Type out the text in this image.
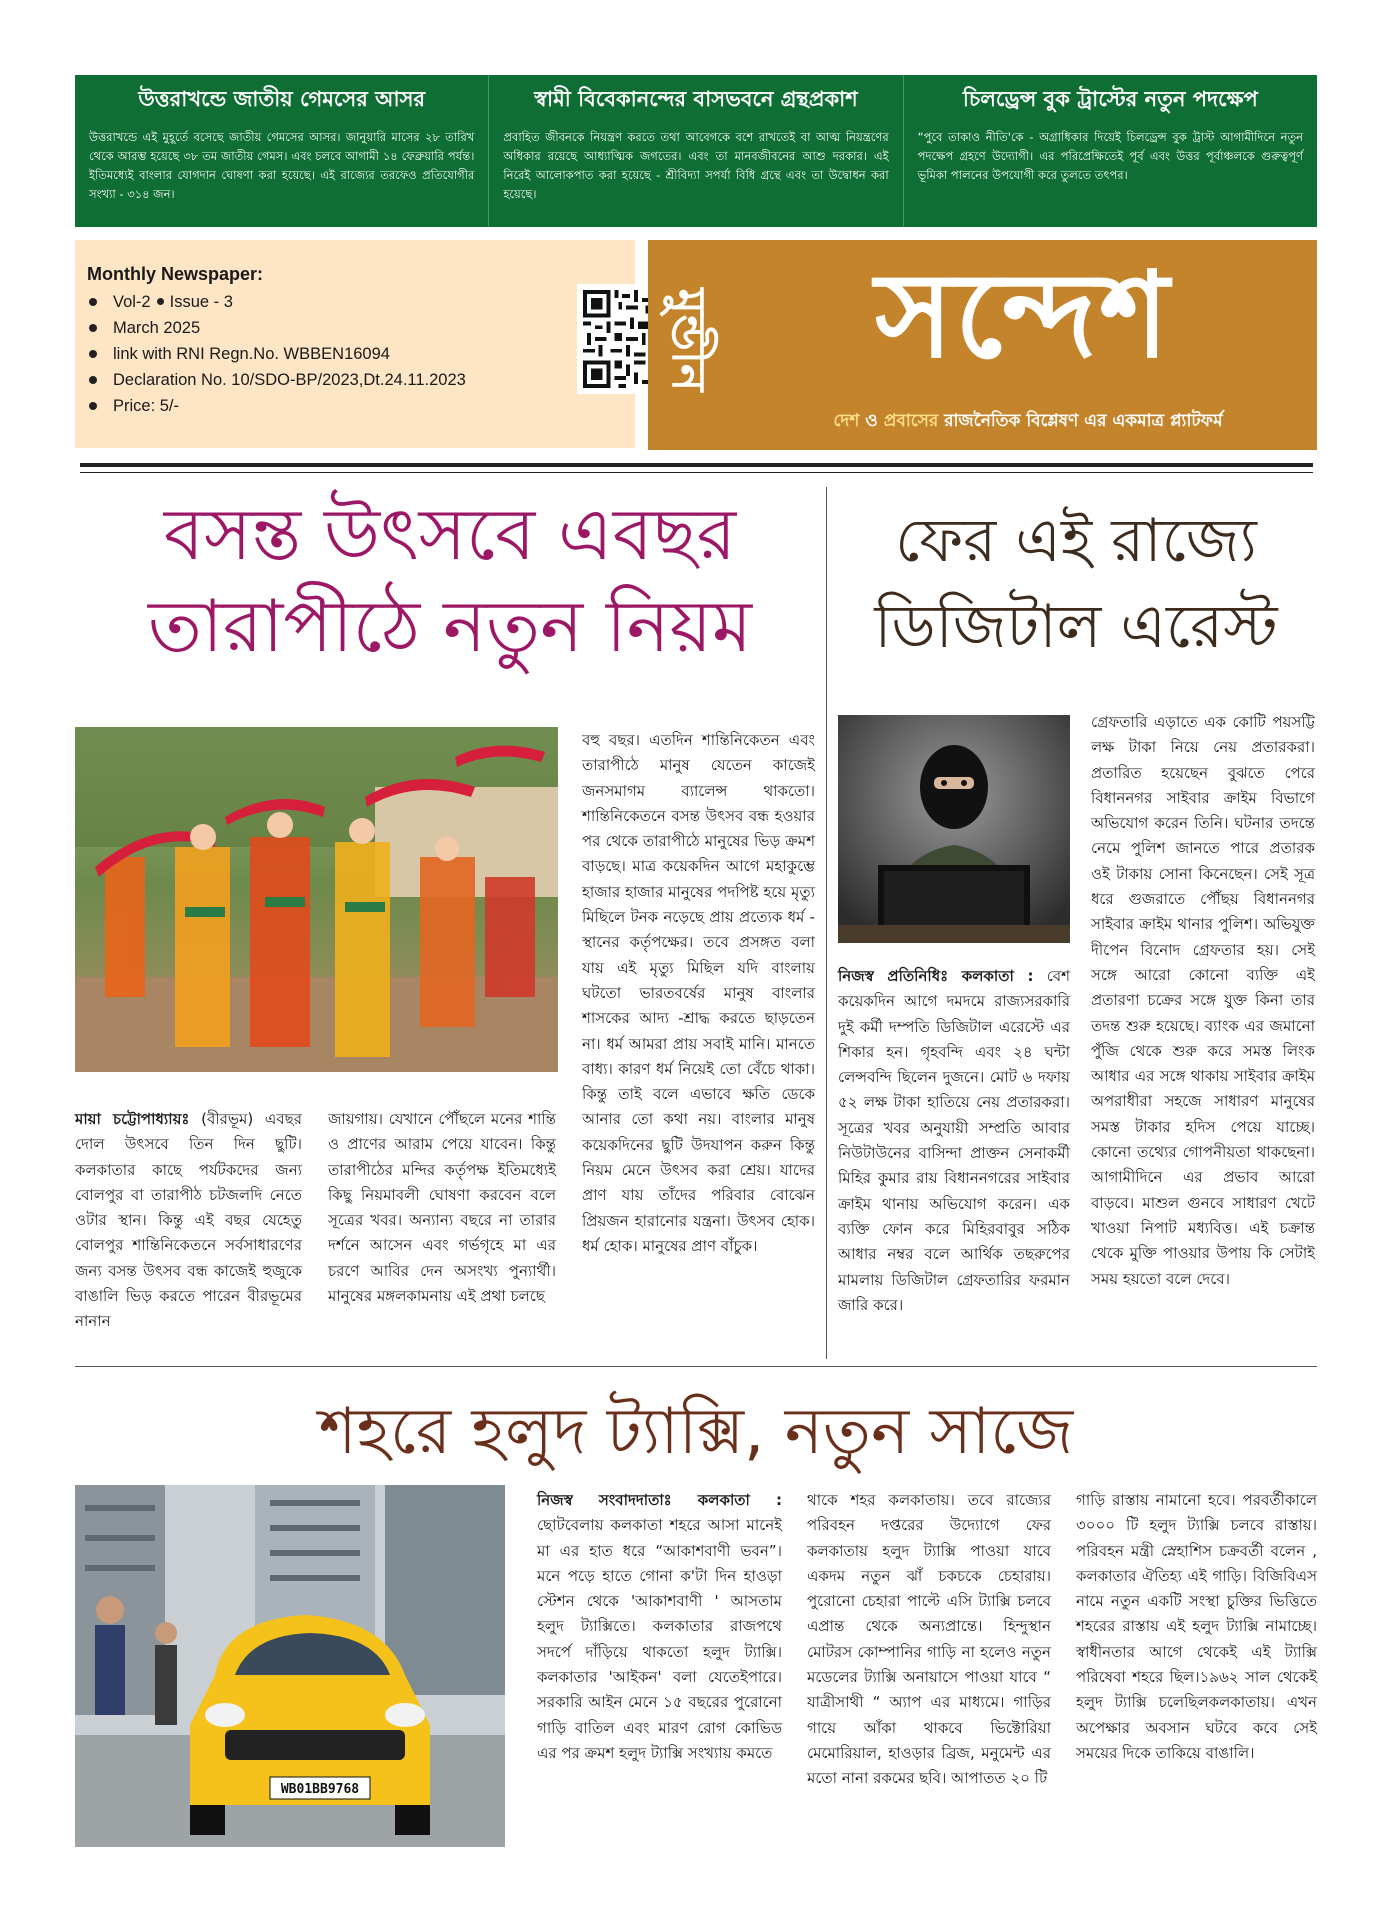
উত্তরাখন্ডে জাতীয় গেমসের আসর
উত্তরাখন্ডে এই মুহূর্তে বসেছে জাতীয় গেমসের আসর। জানুয়ারি মাসের ২৮ তারিখ থেকে আরম্ভ হয়েছে ৩৮ তম জাতীয় গেমস। এবং চলবে আগামী ১৪ ফেব্রুয়ারি পর্যন্ত। ইতিমধ্যেই বাংলার যোগদান ঘোষণা করা হয়েছে। এই রাজ্যের তরফেও প্রতিযোগীর সংখ্যা - ৩১৪ জন।
স্বামী বিবেকানন্দের বাসভবনে গ্রন্থপ্রকাশ
প্রবাহিত জীবনকে নিয়ন্ত্রণ করতে তথা আবেগকে বশে রাখতেই বা আত্ম নিয়ন্ত্রণের অধিকার রয়েছে আধ্যাত্মিক জগতের। এবং তা মানবজীবনের আশু দরকার। এই নিরেই আলোকপাত করা হয়েছে - শ্রীবিদ্যা সপর্যা বিধি গ্রন্থে এবং তা উদ্বোধন করা হয়েছে।
চিলড্রেন্স বুক ট্রাস্টের নতুন পদক্ষেপ
“পুবে তাকাও নীতি'কে - অগ্রাধিকার দিয়েই চিলড্রেন্স বুক ট্রাস্ট আগামীদিনে নতুন পদক্ষেপ গ্রহণে উদ্যোগী। এর পরিপ্রেক্ষিতেই পূর্ব এবং উত্তর পূর্বাঞ্চলকে গুরুত্বপূর্ণ ভূমিকা পালনের উপযোগী করে তুলতে তৎপর।
Monthly Newspaper:
Vol-2 Issue - 3
March 2025
link with RNI Regn.No. WBBEN16094
Declaration No. 10/SDO-BP/2023,Dt.24.11.2023
Price: 5/-
মুন্ডীন	সন্দেশ
দেশ ও প্রবাসের রাজনৈতিক বিশ্লেষণ এর একমাত্র প্ল্যাটফর্ম
বসন্ত উৎসবে এবছর
তারাপীঠে নতুন নিয়ম
মায়া চট্টোপাধ্যায়ঃ (বীরভূম) এবছর দোল উৎসবে তিন দিন ছুটি। কলকাতার কাছে পর্যটকদের জন্য বোলপুর বা তারাপীঠ চটজলদি নেতে ওটার স্থান। কিন্তু এই বছর যেহেতু বোলপুর শান্তিনিকেতনে সর্বসাধারণের জন্য বসন্ত উৎসব বন্ধ কাজেই হুজুকে বাঙালি ভিড় করতে পারেন বীরভূমের নানান
জায়গায়। যেখানে পৌঁছলে মনের শান্তি ও প্রাণের আরাম পেয়ে যাবেন। কিন্তু তারাপীঠের মন্দির কর্তৃপক্ষ ইতিমধ্যেই কিছু নিয়মাবলী ঘোষণা করবেন বলে সূত্রের খবর। অন্যান্য বছরে না তারার দর্শনে আসেন এবং গর্ভগৃহে মা এর চরণে আবির দেন অসংখ্য পুন্যার্থী। মানুষের মঙ্গলকামনায় এই প্রথা চলছে
বহু বছর। এতদিন শান্তিনিকেতন এবং তারাপীঠে মানুষ যেতেন কাজেই জনসমাগম ব্যালেন্স থাকতো। শান্তিনিকেতনে বসন্ত উৎসব বন্ধ হওয়ার পর থেকে তারাপীঠে মানুষের ভিড় ক্রমশ বাড়ছে। মাত্র কয়েকদিন আগে মহাকুম্ভে হাজার হাজার মানুষের পদপিষ্ট হয়ে মৃত্যু মিছিলে টনক নড়েছে প্রায় প্রত্যেক ধর্ম - স্থানের কর্তৃপক্ষের। তবে প্রসঙ্গত বলা যায় এই মৃত্যু মিছিল যদি বাংলায় ঘটতো ভারতবর্ষের মানুষ বাংলার শাসকের আদ্য -শ্রাদ্ধ করতে ছাড়তেন না। ধর্ম আমরা প্রায় সবাই মানি। মানতে বাধ্য। কারণ ধর্ম নিয়েই তো বেঁচে থাকা। কিন্তু তাই বলে এভাবে ক্ষতি ডেকে আনার তো কথা নয়। বাংলার মানুষ কয়েকদিনের ছুটি উদযাপন করুন কিন্তু নিয়ম মেনে উৎসব করা শ্রেয়। যাদের প্রাণ যায় তাঁদের পরিবার বোঝেন প্রিয়জন হারানোর যন্ত্রনা। উৎসব হোক। ধর্ম হোক। মানুষের প্রাণ বাঁচুক।
ফের এই রাজ্যে
ডিজিটাল এরেস্ট
নিজস্ব প্রতিনিধিঃ কলকাতা : বেশ কয়েকদিন আগে দমদমে রাজ্যসরকারি দুই কর্মী দম্পতি ডিজিটাল এরেস্টে এর শিকার হন। গৃহবন্দি এবং ২৪ ঘন্টা লেন্সবন্দি ছিলেন দুজনে। মোট ৬ দফায় ৫২ লক্ষ টাকা হাতিয়ে নেয় প্রতারকরা। সূত্রের খবর অনুযায়ী সম্প্রতি আবার নিউটাউনের বাসিন্দা প্রাক্তন সেনাকর্মী মিহির কুমার রায় বিধাননগরের সাইবার ক্রাইম থানায় অভিযোগ করেন। এক ব্যক্তি ফোন করে মিহিরবাবুর সঠিক আধার নম্বর বলে আর্থিক তছরুপের মামলায় ডিজিটাল গ্রেফতারির ফরমান জারি করে।
গ্রেফতারি এড়াতে এক কোটি পয়সট্টি লক্ষ টাকা নিয়ে নেয় প্রতারকরা। প্রতারিত হয়েছেন বুঝতে পেরে বিধাননগর সাইবার ক্রাইম বিভাগে অভিযোগ করেন তিনি। ঘটনার তদন্তে নেমে পুলিশ জানতে পারে প্রতারক ওই টাকায় সোনা কিনেছেন। সেই সূত্র ধরে গুজরাতে পৌঁছয় বিধাননগর সাইবার ক্রাইম থানার পুলিশ। অভিযুক্ত দীপেন বিনোদ গ্রেফতার হয়। সেই সঙ্গে আরো কোনো ব্যক্তি এই প্রতারণা চক্রের সঙ্গে যুক্ত কিনা তার তদন্ত শুরু হয়েছে। ব্যাংক এর জমানো পুঁজি থেকে শুরু করে সমস্ত লিংক আধার এর সঙ্গে থাকায় সাইবার ক্রাইম অপরাধীরা সহজে সাধারণ মানুষের সমস্ত টাকার হদিস পেয়ে যাচ্ছে। কোনো তথ্যের গোপনীয়তা থাকছেনা। আগামীদিনে এর প্রভাব আরো বাড়বে। মাশুল গুনবে সাধারণ খেটে খাওয়া নিপাট মধ্যবিত্ত। এই চক্রান্ত থেকে মুক্তি পাওয়ার উপায় কি সেটাই সময় হয়তো বলে দেবে।
শহরে হলুদ ট্যাক্সি, নতুন সাজে
WB01BB9768
নিজস্ব সংবাদদাতাঃ কলকাতা : ছোটবেলায় কলকাতা শহরে আসা মানেই মা এর হাত ধরে “আকাশবাণী ভবন”। মনে পড়ে হাতে গোনা ক'টা দিন হাওড়া স্টেশন থেকে 'আকাশবাণী ' আসতাম হলুদ ট্যাক্সিতে। কলকাতার রাজপথে সদর্পে দাঁড়িয়ে থাকতো হলুদ ট্যাক্সি। কলকাতার 'আইকন' বলা যেতেইপারে। সরকারি আইন মেনে ১৫ বছরের পুরোনো গাড়ি বাতিল এবং মারণ রোগ কোভিড এর পর ক্রমশ হলুদ ট্যাক্সি সংখ্যায় কমতে
থাকে শহর কলকাতায়। তবে রাজ্যের পরিবহন দপ্তরের উদ্যোগে ফের কলকাতায় হলুদ ট্যাক্সি পাওয়া যাবে একদম নতুন ঝাঁ চকচকে চেহারায়। পুরোনো চেহারা পাল্টে এসি ট্যাক্সি চলবে এপ্রান্ত থেকে অন্যপ্রান্তে। হিন্দুস্থান মোটরস কোম্পানির গাড়ি না হলেও নতুন মডেলের ট্যাক্সি অনায়াসে পাওয়া যাবে “ যাত্রীসাথী “ অ্যাপ এর মাধ্যমে। গাড়ির গায়ে আঁকা থাকবে ভিক্টোরিয়া মেমোরিয়াল, হাওড়ার ব্রিজ, মনুমেন্ট এর মতো নানা রকমের ছবি। আপাতত ২০ টি
গাড়ি রাস্তায় নামানো হবে। পরবর্তীকালে ৩০০০ টি হলুদ ট্যাক্সি চলবে রাস্তায়। পরিবহন মন্ত্রী স্নেহাশিস চক্রবর্তী বলেন , কলকাতার ঐতিহ্য এই গাড়ি। বিজিবিএস নামে নতুন একটি সংস্থা চুক্তির ভিত্তিতে শহরের রাস্তায় এই হলুদ ট্যাক্সি নামাচ্ছে। স্বাধীনতার আগে থেকেই এই ট্যাক্সি পরিষেবা শহরে ছিল।১৯৬২ সাল থেকেই হলুদ ট্যাক্সি চলেছিলকলকাতায়। এখন অপেক্ষার অবসান ঘটবে কবে সেই সময়ের দিকে তাকিয়ে বাঙালি।
